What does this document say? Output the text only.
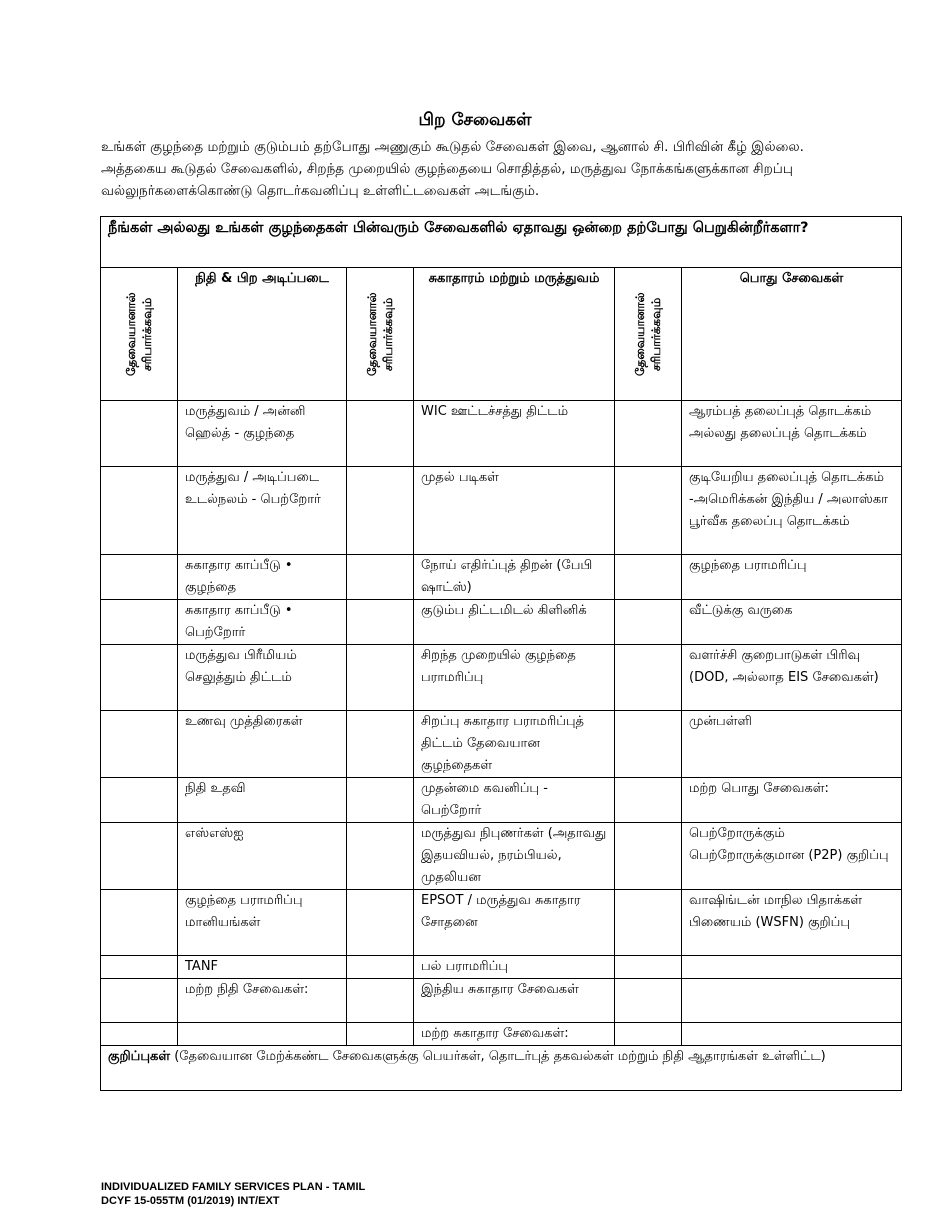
பிற சேவைகள்
உங்கள் குழந்தை மற்றும் குடும்பம் தற்போது அணுகும் கூடுதல் சேவைகள் இவை, ஆனால் சி. பிரிவின் கீழ் இல்லை. அத்தகைய கூடுதல் சேவைகளில், சிறந்த முறையில் குழந்தையை சொதித்தல், மருத்துவ நோக்கங்களுக்கான சிறப்பு வல்லுநர்களைக்கொண்டு தொடர்கவனிப்பு உள்ளிட்டவைகள் அடங்கும்.
நீங்கள் அல்லது உங்கள் குழந்தைகள் பின்வரும் சேவைகளில் ஏதாவது ஒன்றை தற்போது பெறுகின்றீர்களா?					

தேவையானால் சரிபார்க்கவும்	நிதி & பிற அடிப்படை	தேவையானால் சரிபார்க்கவும்	சுகாதாரம் மற்றும் மருத்துவம்	தேவையானால் சரிபார்க்கவும்	பொது சேவைகள்
	மருத்துவம் / அன்னி ஹெல்த் - குழந்தை		WIC ஊட்டச்சத்து திட்டம்		ஆரம்பத் தலைப்புத் தொடக்கம் அல்லது தலைப்புத் தொடக்கம்
	மருத்துவ / அடிப்படை உடல்நலம் - பெற்றோர்		முதல் படிகள்		குடியேறிய தலைப்புத் தொடக்கம் -அமெரிக்கன் இந்திய / அலாஸ்கா பூர்வீக தலைப்பு தொடக்கம்
	சுகாதார காப்பீடு • குழந்தை		நோய் எதிர்ப்புத் திறன் (பேபி ஷாட்ஸ்)		குழந்தை பராமரிப்பு
	சுகாதார காப்பீடு • பெற்றோர்		குடும்ப திட்டமிடல் கிளினிக்		வீட்டுக்கு வருகை
	மருத்துவ பிரீமியம் செலுத்தும் திட்டம்		சிறந்த முறையில் குழந்தை பராமரிப்பு		வளர்ச்சி குறைபாடுகள் பிரிவு (DOD, அல்லாத EIS சேவைகள்)
	உணவு முத்திரைகள்		சிறப்பு சுகாதார பராமரிப்புத் திட்டம் தேவையான குழந்தைகள்		முன்பள்ளி
	நிதி உதவி		முதன்மை கவனிப்பு - பெற்றோர்		மற்ற பொது சேவைகள்:
	எஸ்எஸ்ஐ		மருத்துவ நிபுணர்கள் (அதாவது இதயவியல், நரம்பியல், முதலியன		பெற்றோருக்கும் பெற்றோருக்குமான (P2P) குறிப்பு
	குழந்தை பராமரிப்பு மானியங்கள்		EPSOT / மருத்துவ சுகாதார சோதனை		வாஷிங்டன் மாநில பிதாக்கள் பிணையம் (WSFN) குறிப்பு
	TANF		பல் பராமரிப்பு		
	மற்ற நிதி சேவைகள்:		இந்திய சுகாதார சேவைகள்		
			மற்ற சுகாதார சேவைகள்:		
குறிப்புகள் (தேவையான மேற்க்கண்ட சேவைகளுக்கு பெயர்கள், தொடர்புத் தகவல்கள் மற்றும் நிதி ஆதாரங்கள் உள்ளிட்ட)					
INDIVIDUALIZED FAMILY SERVICES PLAN - TAMIL
DCYF 15-055TM (01/2019) INT/EXT
